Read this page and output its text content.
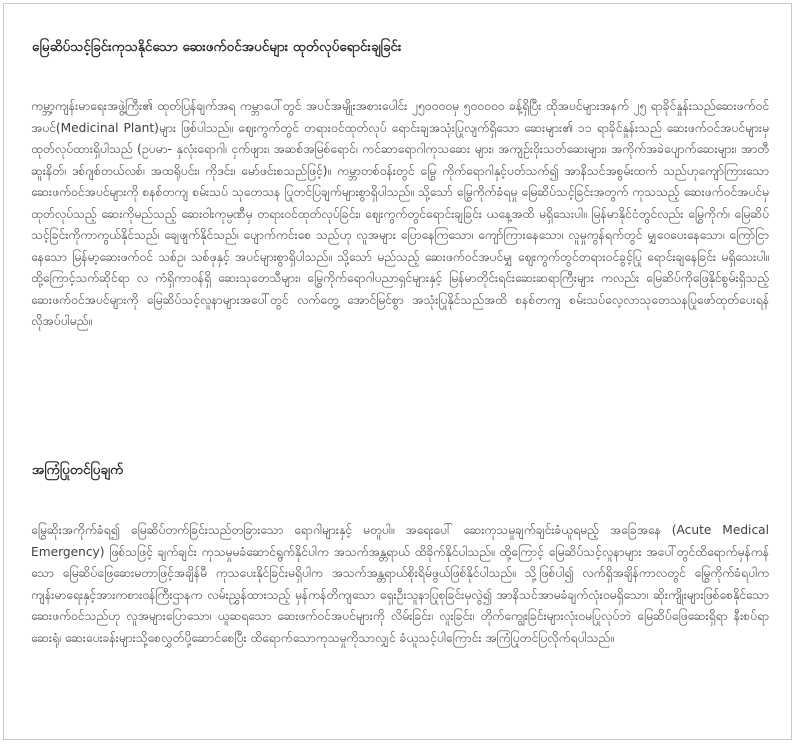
မြေဆိပ်သင့်ခြင်းကုသနိုင်သော ဆေးဖက်ဝင်အပင်များ ထုတ်လုပ်ရောင်းချခြင်း

ကမ္ဘာ့ကျန်းမာရေးအဖွဲ့ကြီး၏ ထုတ်ပြန်ချက်အရ ကမ္ဘာပေါ်တွင် အပင်အမျိုးအစားပေါင်း ၂၅၀၀၀၀မှ ၅၀၀၀၀၀ ခန့်ရှိပြီး ထိုအပင်များအနက် ၂၅ ရာခိုင်နှုန်းသည်ဆေးဖက်ဝင်အပင်(Medicinal Plant)များ ဖြစ်ပါသည်။ ဈေးကွက်တွင် တရားဝင်ထုတ်လုပ် ရောင်းချအသုံးပြုလျက်ရှိသော ဆေးများ၏ ၁၁ ရာခိုင်နှုန်းသည် ဆေးဖက်ဝင်အပင်များမှ ထုတ်လုပ်ထားရှိပါသည် (ဥပမာ- နှလုံးရောဂါ၊ ငှက်ဖျား၊ အဆစ်အမြစ်ရောင်၊ ကင်ဆာရောဂါကုသဆေး များ၊ အကျဉ်းဝိုးသတ်ဆေးများ၊ အကိုက်အခဲပျောက်ဆေးများ၊ အာတီဆူးနိတ်၊ ဒစ်ဂျစ်တယ်လစ်၊ အထရိုပင်း၊ ကိုဒင်း၊ မော်ဖင်းစသည်ဖြင့်)။ ကမ္ဘာတစ်ဝန်းတွင် မြွေ ကိုက်ရောဂါနှင့်ပတ်သက်၍ အာနိသင်အစွမ်းထက် သည်ဟုကျော်ကြားသော ဆေးဖက်ဝင်အပင်များကို စနစ်တကျ စမ်းသပ် သုတေသန ပြုတင်ပြချက်များစွာရှိပါသည်။ သို့သော် မြွေကိုက်ခံရမှု မြေဆိပ်သင့်ခြင်းအတွက် ကုသသည့် ဆေးဖက်ဝင်အပင်မှ ထုတ်လုပ်သည့် ဆေးကိုမည်သည့် ဆေးဝါးကုမ္ပဏီမှ တရားဝင်ထုတ်လုပ်ခြင်း၊ ဈေးကွက်တွင်ရောင်းချခြင်း ယနေ့အထိ မရှိသေးပါ။ မြန်မာနိုင်ငံတွင်လည်း မြွေကိုက်၊ မြေဆိပ်သင့်ခြင်းကိုကာကွယ်နိုင်သည်၊ ချေဖျက်နိုင်သည်၊ ပျောက်ကင်းစေ သည်ဟု လူအများ ပြောနေကြသော၊ ကျော်ကြားနေသော၊ လူမှုကွန်ရက်တွင် မျှဝေပေးနေသော၊ ကြော်ငြာနေသော မြန်မာ့ဆေးဖက်ဝင် သစ်ဥ၊ သစ်ဖုနှင့် အပင်များစွာရှိပါသည်။ သို့သော် မည်သည့် ဆေးဖက်ဝင်အပင်မျှ ဈေးကွက်တွင်တရားဝင်ခွင့်ပြု ရောင်းချနေခြင်း မရှိသေးပါ။ ထို့ကြောင့်သက်ဆိုင်ရာ လ ကံရှိကာဝန်ရှိ ဆေးသုတေသီများ၊ မြွေကိုက်ရောဂါပညာရှင်များနှင့် မြန်မာတိုင်းရင်းဆေးဆရာကြီးများ ကလည်း မြေဆိပ်ကိုဖြေနိုင်စွမ်းရှိသည့် ဆေးဖက်ဝင်အပင်များကို မြေဆိပ်သင့်လူနာများအပေါ်တွင် လက်တွေ့ အောင်မြင်စွာ အသုံးပြုနိုင်သည်အထိ စနစ်တကျ စမ်းသပ်လေ့လာသုတေသနပြုဖော်ထုတ်ပေးရန် လိုအပ်ပါမည်။

အကြံပြုတင်ပြချက်

မြွေဆိုးအကိုက်ခံရ၍ မြေဆိပ်တက်ခြင်းသည်တခြားသော ရောဂါများနှင့် မတူပါ။ အရေးပေါ် ဆေးကုသမှုချက်ချင်းခံယူရမည့် အခြေအနေ (Acute Medical Emergency) ဖြစ်သဖြင့် ချက်ချင်း ကုသမှုမခံဆောင်ရွက်နိုင်ပါက အသက်အန္တရာယ် ထိခိုက်နိုင်ပါသည်။ ထို့ကြောင့် မြေဆိပ်သင့်လူနာများ အပေါ်တွင်ထိရောက်မှန်ကန်သော မြေဆိပ်ဖြေဆေးမတာဖြင့်အချိန်မီ ကုသပေးနိုင်ခြင်းမရှိပါက အသက်အန္တရာယ်စိုးရိမ်ဖွယ်ဖြစ်နိုင်ပါသည်။ သို့ဖြစ်ပါ၍ လက်ရှိအချိန်ကာလတွင် မြွေကိုက်ခံရပါက ကျန်းမာရေးနှင့်အားကစားဝန်ကြီးဌာနက လမ်းညွှန်ထားသည့် မှန်ကန်တိကျသော ရှေးဦးသူနာပြုစုခြင်းမှလွဲ၍ အာနိသင်အာမခံချက်လုံးဝမရှိသော၊ ဆိုးကျိုးများဖြစ်စေနိုင်သော ဆေးဖက်ဝင်သည်ဟု လူအများပြောသော၊ ယူဆရသော ဆေးဖက်ဝင်အပင်များကို လိမ်းခြင်း၊ လူးခြင်း၊ တိုက်ကျွေးခြင်းများလုံးဝမပြုလုပ်ဘဲ မြေဆိပ်ဖြေဆေးရှိရာ နီးစပ်ရာဆေးရုံ၊ ဆေးပေးခန်းများသို့စေလွှတ်ပို့ဆောင်စေပြီး ထိရောက်သောကုသမှုကိုသာလျှင် ခံယူသင့်ပါကြောင်း အကြံပြုတင်ပြလိုက်ရပါသည်။
